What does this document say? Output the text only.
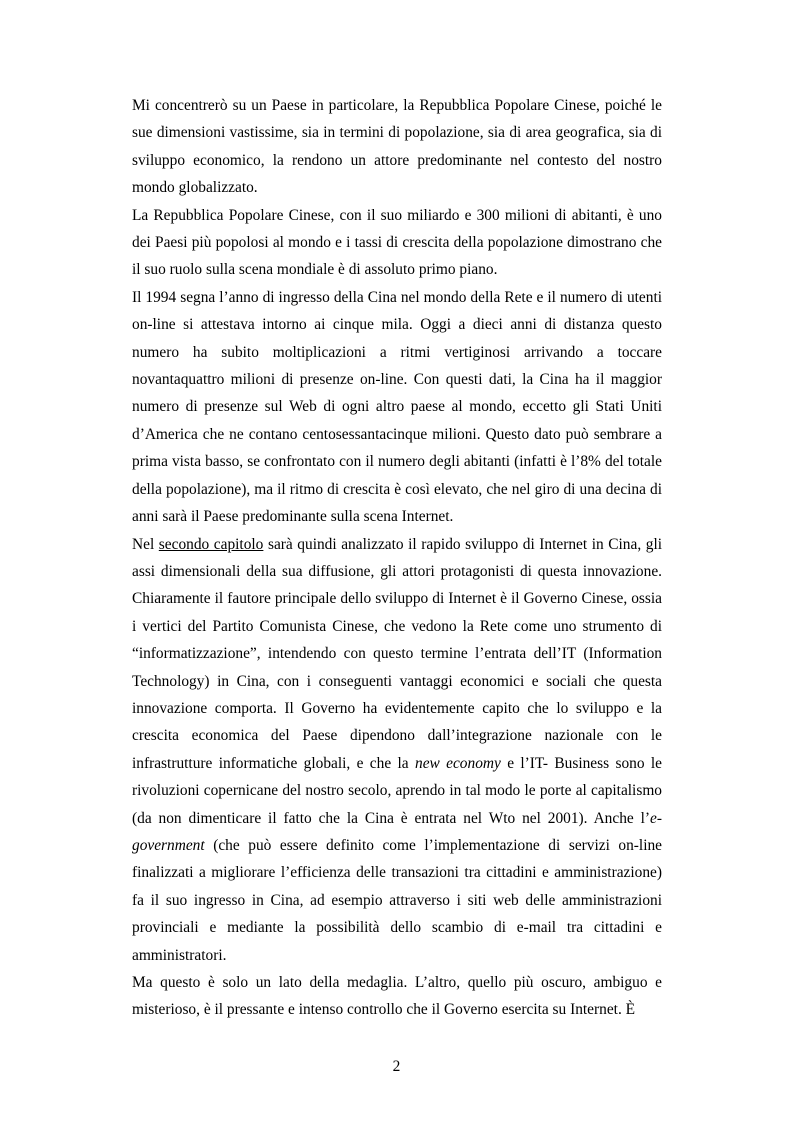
Mi concentrerò su un Paese in particolare, la Repubblica Popolare Cinese, poiché le sue dimensioni vastissime, sia in termini di popolazione, sia di area geografica, sia di sviluppo economico, la rendono un attore predominante nel contesto del nostro mondo globalizzato.

La Repubblica Popolare Cinese, con il suo miliardo e 300 milioni di abitanti, è uno dei Paesi più popolosi al mondo e i tassi di crescita della popolazione dimostrano che il suo ruolo sulla scena mondiale è di assoluto primo piano.

Il 1994 segna l’anno di ingresso della Cina nel mondo della Rete e il numero di utenti on-line si attestava intorno ai cinque mila. Oggi a dieci anni di distanza questo numero ha subito moltiplicazioni a ritmi vertiginosi arrivando a toccare novantaquattro milioni di presenze on-line. Con questi dati, la Cina ha il maggior numero di presenze sul Web di ogni altro paese al mondo, eccetto gli Stati Uniti d’America che ne contano centosessantacinque milioni. Questo dato può sembrare a prima vista basso, se confrontato con il numero degli abitanti (infatti è l’8% del totale della popolazione), ma il ritmo di crescita è così elevato, che nel giro di una decina di anni sarà il Paese predominante sulla scena Internet.

Nel secondo capitolo sarà quindi analizzato il rapido sviluppo di Internet in Cina, gli assi dimensionali della sua diffusione, gli attori protagonisti di questa innovazione. Chiaramente il fautore principale dello sviluppo di Internet è il Governo Cinese, ossia i vertici del Partito Comunista Cinese, che vedono la Rete come uno strumento di “informatizzazione”, intendendo con questo termine l’entrata dell’IT (Information Technology) in Cina, con i conseguenti vantaggi economici e sociali che questa innovazione comporta. Il Governo ha evidentemente capito che lo sviluppo e la crescita economica del Paese dipendono dall’integrazione nazionale con le infrastrutture informatiche globali, e che la new economy e l’IT- Business sono le rivoluzioni copernicane del nostro secolo, aprendo in tal modo le porte al capitalismo (da non dimenticare il fatto che la Cina è entrata nel Wto nel 2001). Anche l’e-government (che può essere definito come l’implementazione di servizi on-line finalizzati a migliorare l’efficienza delle transazioni tra cittadini e amministrazione) fa il suo ingresso in Cina, ad esempio attraverso i siti web delle amministrazioni provinciali e mediante la possibilità dello scambio di e-mail tra cittadini e amministratori.

Ma questo è solo un lato della medaglia. L’altro, quello più oscuro, ambiguo e misterioso, è il pressante e intenso controllo che il Governo esercita su Internet. È

2
